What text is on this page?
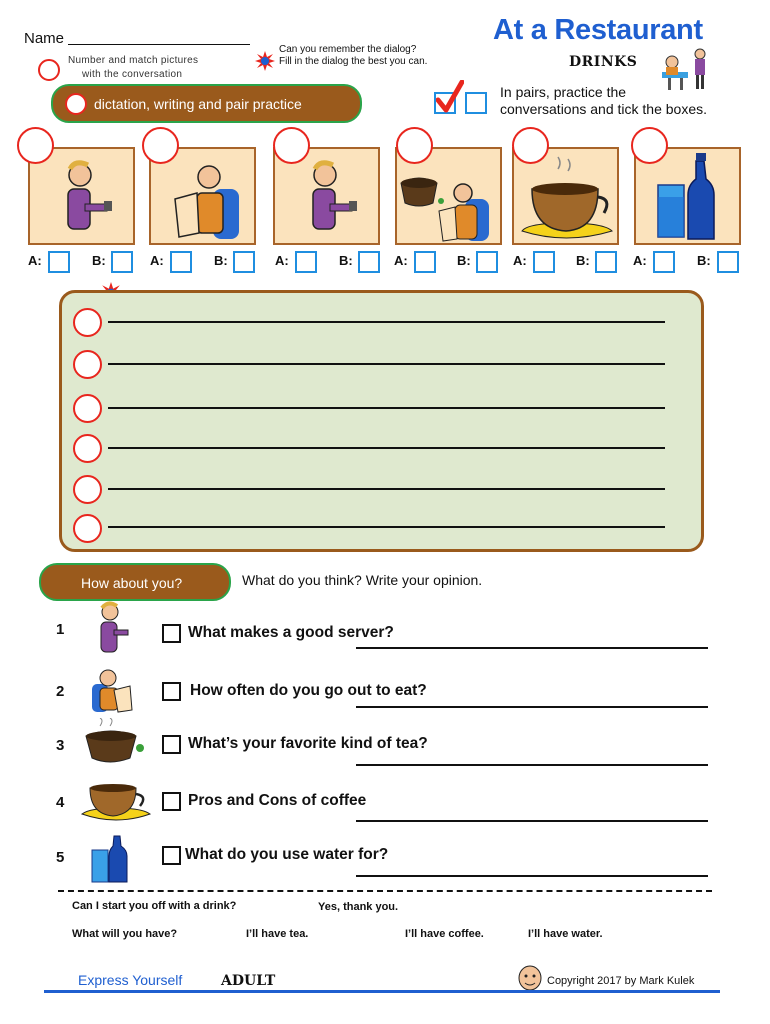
Name
Number and match pictures
with the conversation
Can you remember the dialog?
Fill in the dialog the best you can.
At a Restaurant
DRINKS
dictation, writing and pair practice
In pairs, practice the
conversations and tick the boxes.
A:	B:	A:	B:	A:	B:	A:	B:	A:	B:	A:	B:
How about you?	What do you think? Write your opinion.
1	What makes a good server?
2	How often do you go out to eat?
3	What’s your favorite kind of tea?
4	Pros and Cons of coffee
5	What do you use water for?
Can I start you off with a drink?	Yes, thank you.
What will you have?	I’ll have tea.	I’ll have coffee.	I’ll have water.
Express Yourself	ADULT	Copyright 2017 by Mark Kulek
